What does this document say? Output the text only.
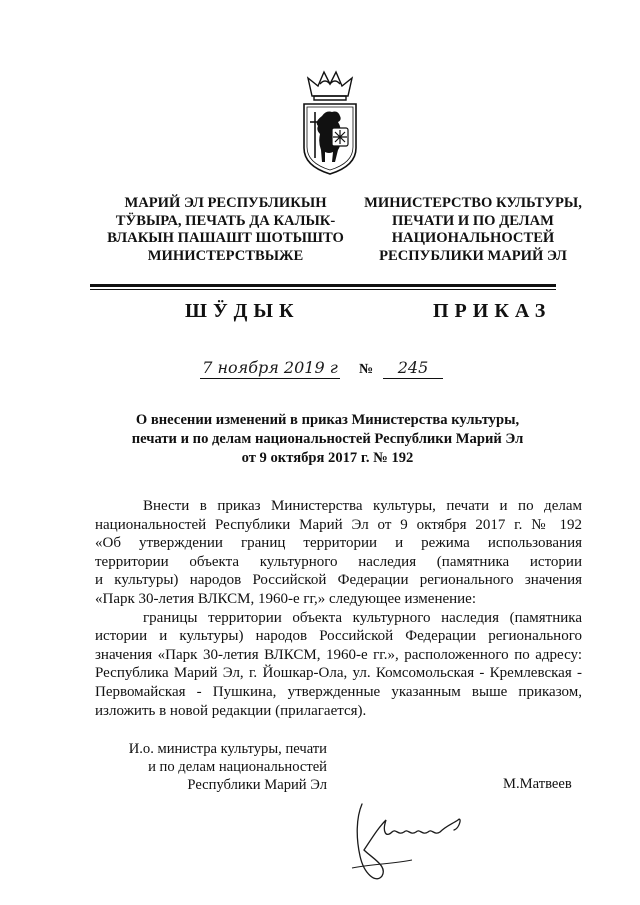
МАРИЙ ЭЛ РЕСПУБЛИКЫН
ТӰВЫРА, ПЕЧАТЬ ДА КАЛЫК-
ВЛАКЫН ПАШАШТ ШОТЫШТО
МИНИСТЕРСТВЫЖЕ
МИНИСТЕРСТВО КУЛЬТУРЫ,
ПЕЧАТИ И ПО ДЕЛАМ
НАЦИОНАЛЬНОСТЕЙ
РЕСПУБЛИКИ МАРИЙ ЭЛ
ШӰДЫК	ПРИКАЗ
7 ноября 2019 г №	245
О внесении изменений в приказ Министерства культуры,
печати и по делам национальностей Республики Марий Эл
от 9 октября 2017 г. № 192
Внести в приказ Министерства культуры, печати и по делам
национальностей Республики Марий Эл от 9 октября 2017 г. № 192
«Об утверждении границ территории и режима использования
территории объекта культурного наследия (памятника истории
и культуры) народов Российской Федерации регионального значения
«Парк 30-летия ВЛКСМ, 1960-е гг,» следующее изменение:
границы территории объекта культурного наследия (памятника
истории и культуры) народов Российской Федерации регионального
значения «Парк 30-летия ВЛКСМ, 1960-е гг.», расположенного по адресу:
Республика Марий Эл, г. Йошкар-Ола, ул. Комсомольская - Кремлевская -
Первомайская - Пушкина, утвержденные указанным выше приказом,
изложить в новой редакции (прилагается).
И.о. министра культуры, печати
и по делам национальностей
Республики Марий Эл	М.Матвеев
